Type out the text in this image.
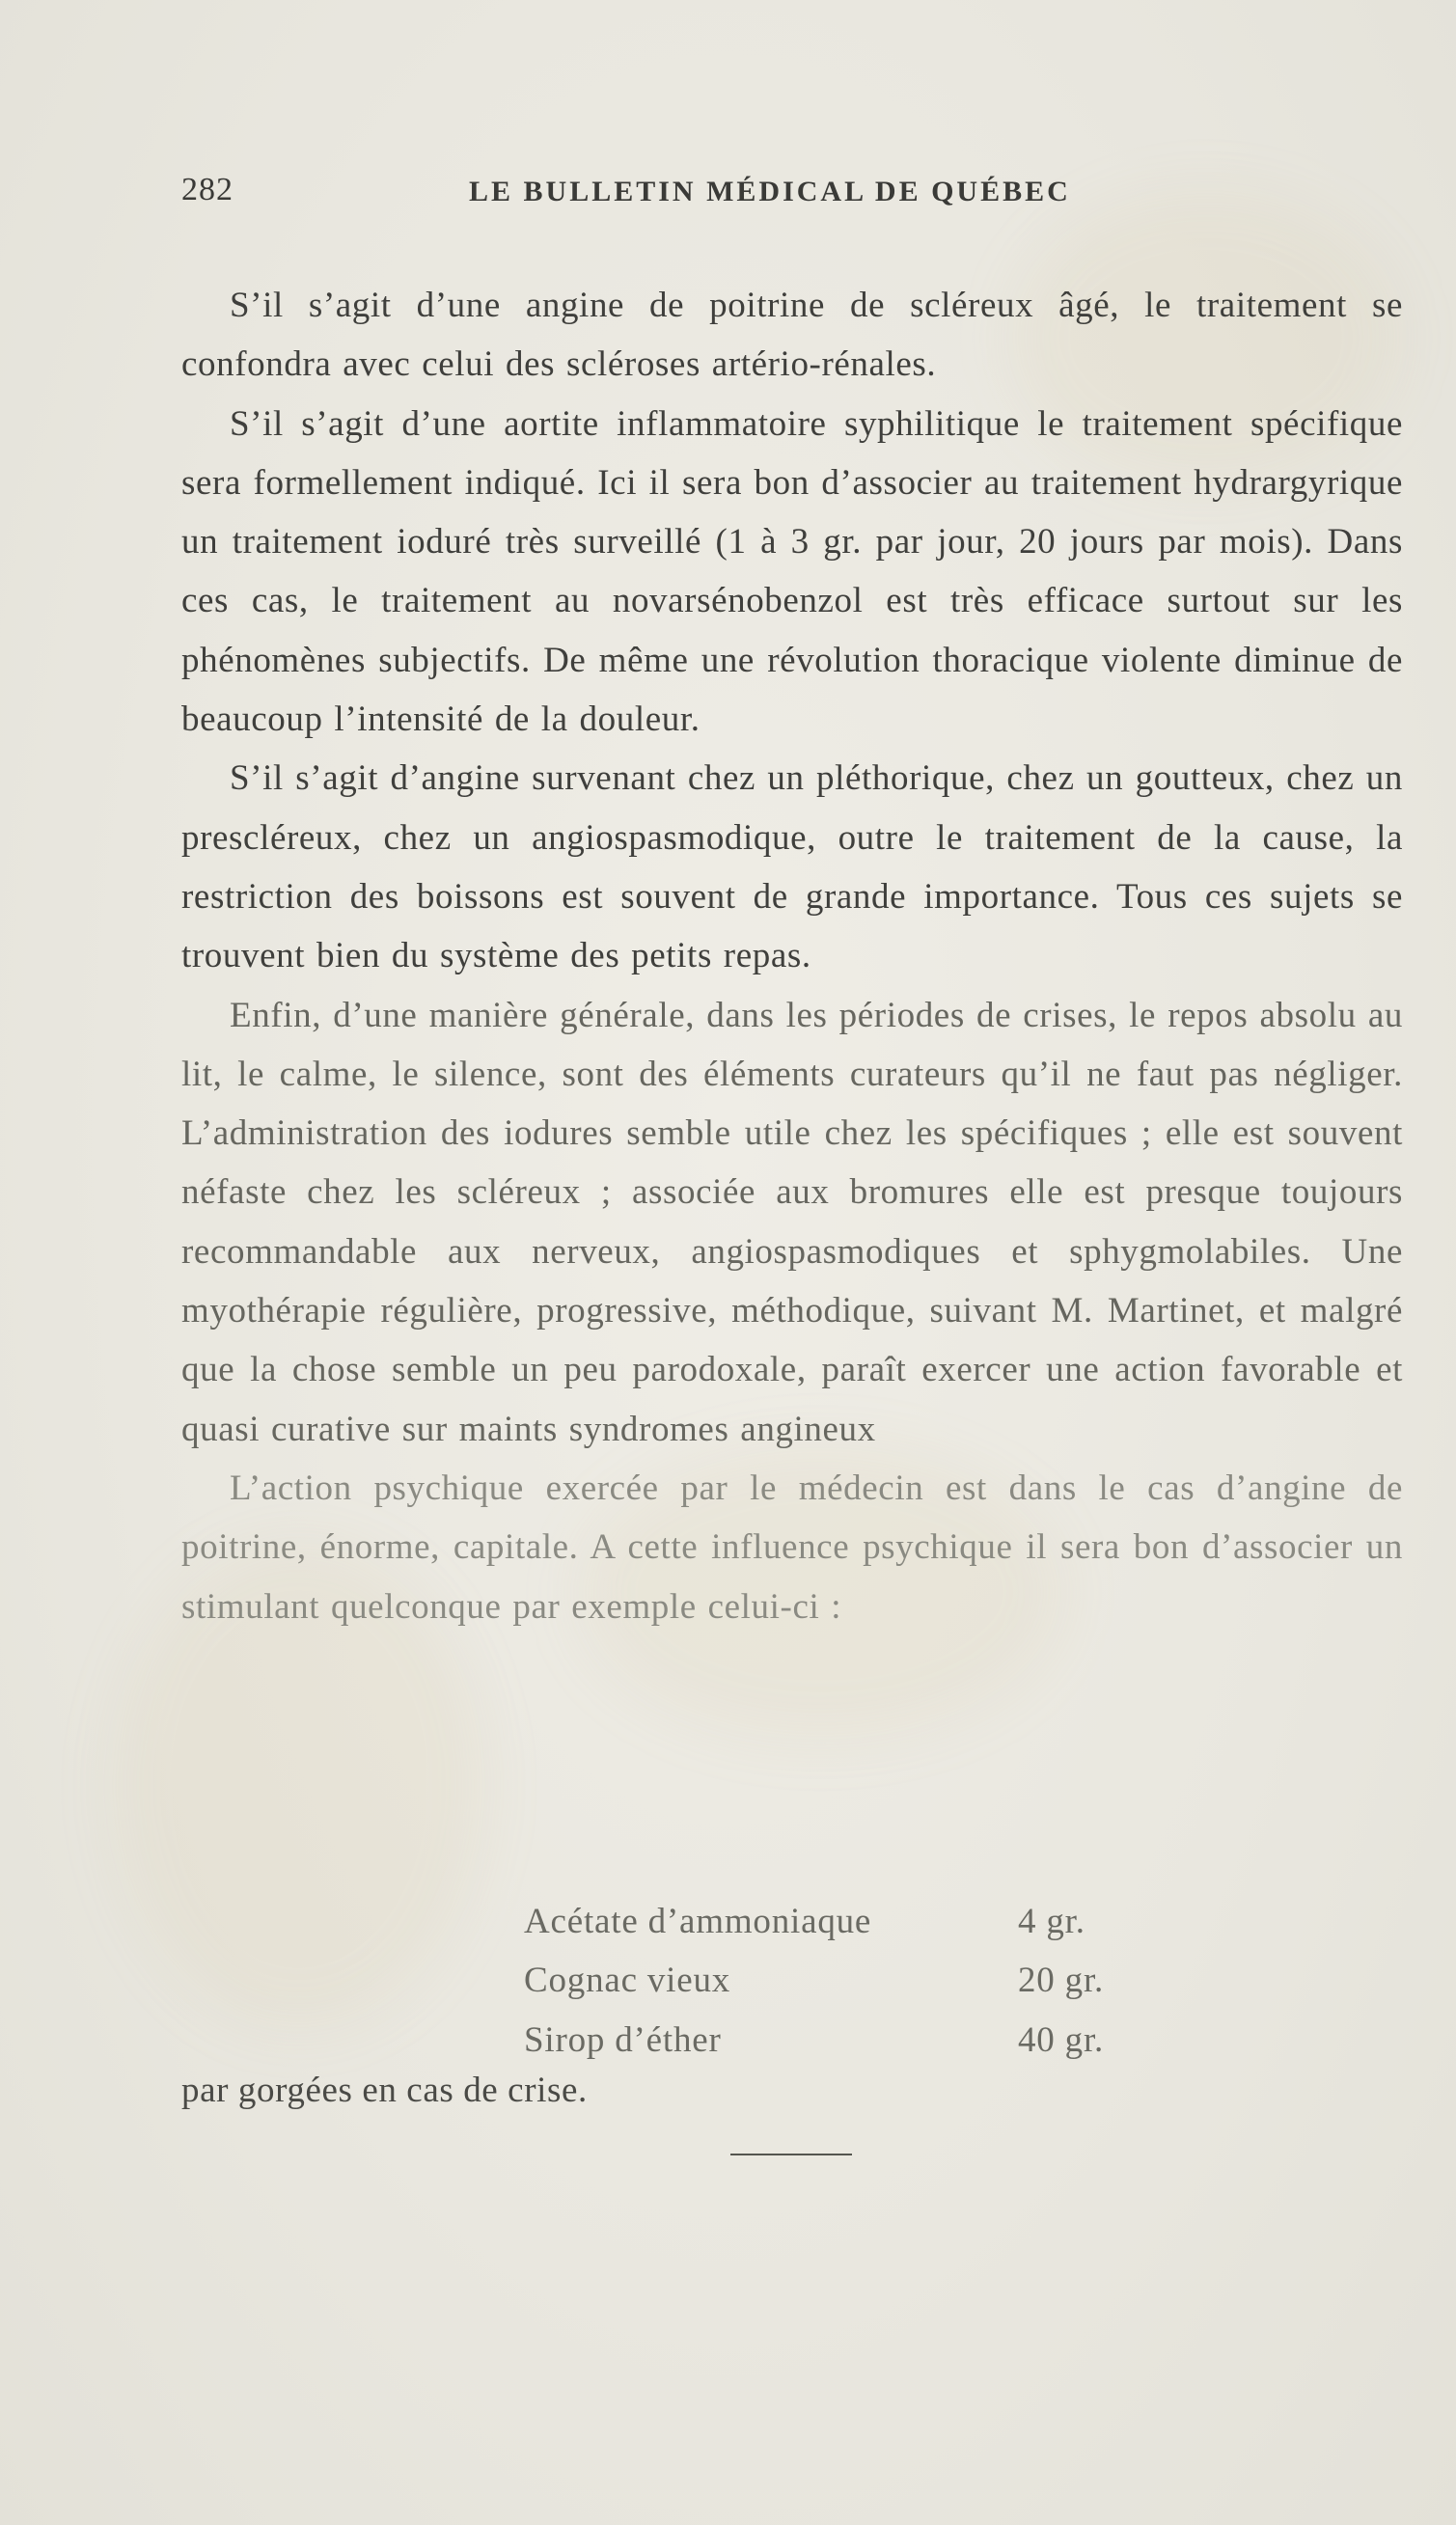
282	LE BULLETIN MÉDICAL DE QUÉBEC

S’il s’agit d’une angine de poitrine de scléreux âgé, le traitement se confondra avec celui des scléroses artério-rénales.

S’il s’agit d’une aortite inflammatoire syphilitique le traitement spécifique sera formellement indiqué. Ici il sera bon d’associer au traitement hydrargyrique un traitement ioduré très surveillé (1 à 3 gr. par jour, 20 jours par mois). Dans ces cas, le traitement au novarsénobenzol est très efficace surtout sur les phénomènes subjectifs. De même une révolution thoracique violente diminue de beaucoup l’intensité de la douleur.

S’il s’agit d’angine survenant chez un pléthorique, chez un goutteux, chez un prescléreux, chez un angiospasmodique, outre le traitement de la cause, la restriction des boissons est souvent de grande importance. Tous ces sujets se trouvent bien du système des petits repas.

Enfin, d’une manière générale, dans les périodes de crises, le repos absolu au lit, le calme, le silence, sont des éléments curateurs qu’il ne faut pas négliger. L’administration des iodures semble utile chez les spécifiques ; elle est souvent néfaste chez les scléreux ; associée aux bromures elle est presque toujours recommandable aux nerveux, angiospasmodiques et sphygmolabiles. Une myothérapie régulière, progressive, méthodique, suivant M. Martinet, et malgré que la chose semble un peu parodoxale, paraît exercer une action favorable et quasi curative sur maints syndromes angineux

L’action psychique exercée par le médecin est dans le cas d’angine de poitrine, énorme, capitale. A cette influence psychique il sera bon d’associer un stimulant quelconque par exemple celui-ci :

Acétate d’ammoniaque	4 gr.
Cognac vieux	20 gr.
Sirop d’éther	40 gr.
par gorgées en cas de crise.
